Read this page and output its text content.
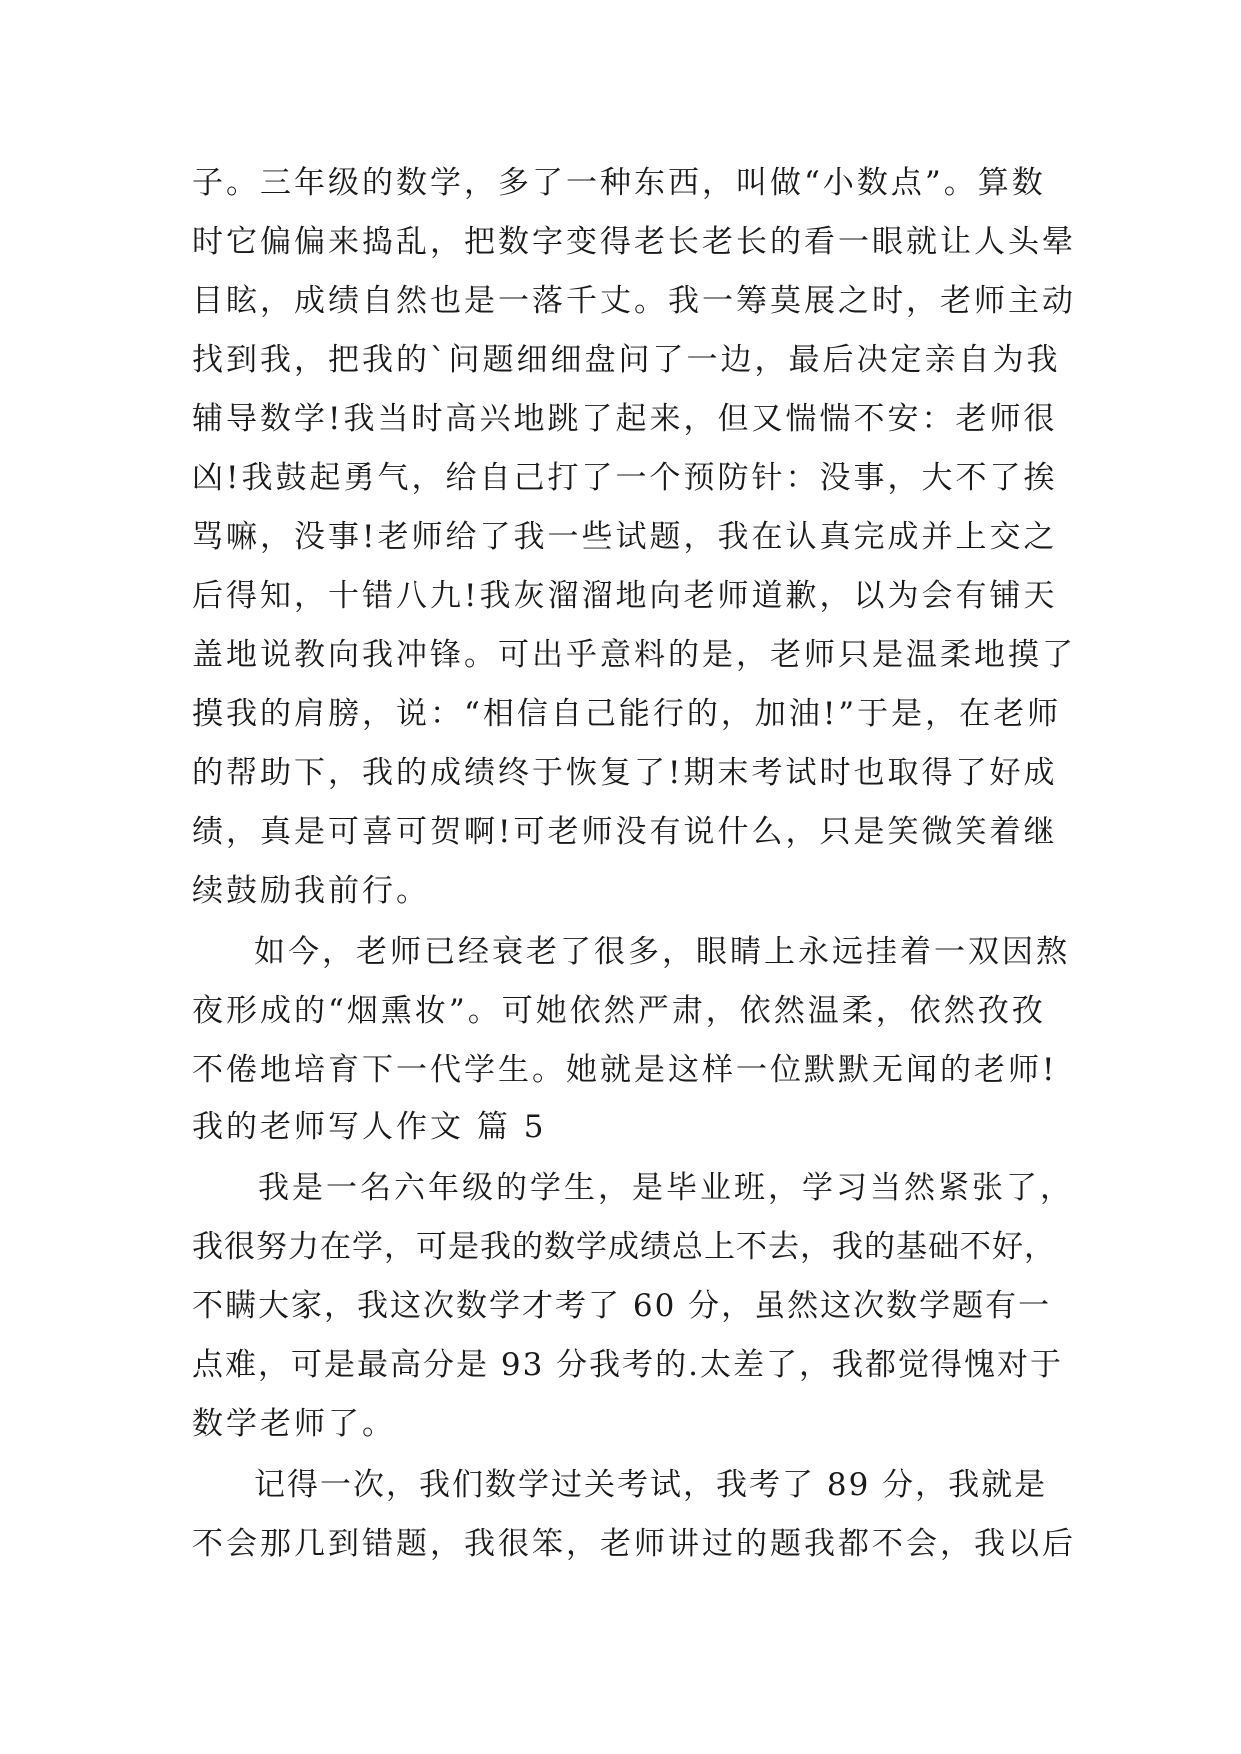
子。三年级的数学，多了一种东西，叫做“小数点”。算数
时它偏偏来捣乱，把数字变得老长老长的看一眼就让人头晕
目眩，成绩自然也是一落千丈。我一筹莫展之时，老师主动
找到我，把我的`问题细细盘问了一边，最后决定亲自为我
辅导数学!我当时高兴地跳了起来，但又惴惴不安：老师很
凶!我鼓起勇气，给自己打了一个预防针：没事，大不了挨
骂嘛，没事!老师给了我一些试题，我在认真完成并上交之
后得知，十错八九!我灰溜溜地向老师道歉，以为会有铺天
盖地说教向我冲锋。可出乎意料的是，老师只是温柔地摸了
摸我的肩膀，说：“相信自己能行的，加油!”于是，在老师
的帮助下，我的成绩终于恢复了!期末考试时也取得了好成
绩，真是可喜可贺啊!可老师没有说什么，只是笑微笑着继
续鼓励我前行。
如今，老师已经衰老了很多，眼睛上永远挂着一双因熬
夜形成的“烟熏妆”。可她依然严肃，依然温柔，依然孜孜
不倦地培育下一代学生。她就是这样一位默默无闻的老师!
我的老师写人作文 篇 5
我是一名六年级的学生，是毕业班，学习当然紧张了，
我很努力在学，可是我的数学成绩总上不去，我的基础不好，
不瞒大家，我这次数学才考了 60 分，虽然这次数学题有一
点难，可是最高分是 93 分我考的.太差了，我都觉得愧对于
数学老师了。
记得一次，我们数学过关考试，我考了 89 分，我就是
不会那几到错题，我很笨，老师讲过的题我都不会，我以后
